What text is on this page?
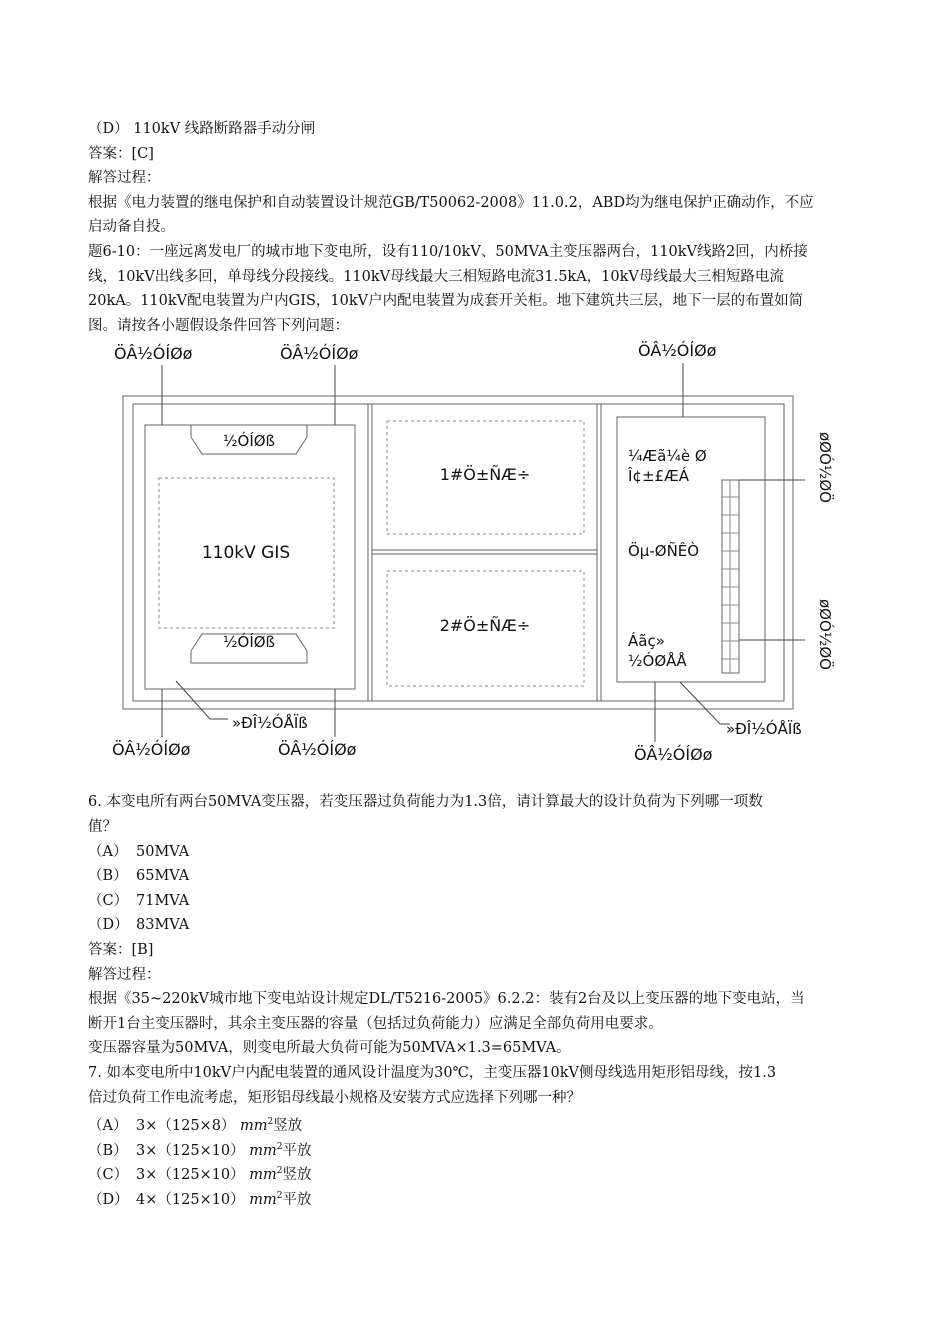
（D） 110kV 线路断路器手动分闸
答案：[C]
解答过程：
根据《电力装置的继电保护和自动装置设计规范GB/T50062-2008》11.0.2，ABD均为继电保护正确动作，不应
启动备自投。
题6-10：一座远离发电厂的城市地下变电所，设有110/10kV、50MVA主变压器两台，110kV线路2回，内桥接
线，10kV出线多回，单母线分段接线。110kV母线最大三相短路电流31.5kA，10kV母线最大三相短路电流
20kA。110kV配电装置为户内GIS，10kV户内配电装置为成套开关柜。地下建筑共三层，地下一层的布置如简
图。请按各小题假设条件回答下列问题：
½ÓÍØß
½ÓÍØß
110kV GIS
1#Ö±ÑÆ÷
2#Ö±ÑÆ÷
¼Æã¼è Ø
Î¢±£ÆÁ
Öµ-ØÑÊÒ
Áãç»
½ÓØÅÅ
ÖÂ½ÓÍØø	ÖÂ½ÓÍØø	ÖÂ½ÓÍØø
øØÓ½ØÖ
øØÓ½ØÖ
»ÐÎ½ÓÅÏß	»ÐÎ½ÓÅÏß
ÖÂ½ÓÍØø	ÖÂ½ÓÍØø	ÖÂ½ÓÍØø
6. 本变电所有两台50MVA变压器，若变压器过负荷能力为1.3倍，请计算最大的设计负荷为下列哪一项数
值？
（A） 50MVA
（B） 65MVA
（C） 71MVA
（D） 83MVA
答案：[B]
解答过程：
根据《35~220kV城市地下变电站设计规定DL/T5216-2005》6.2.2：装有2台及以上变压器的地下变电站，当
断开1台主变压器时，其余主变压器的容量（包括过负荷能力）应满足全部负荷用电要求。
变压器容量为50MVA，则变电所最大负荷可能为50MVA×1.3=65MVA。
7. 如本变电所中10kV户内配电装置的通风设计温度为30℃，主变压器10kV侧母线选用矩形铝母线，按1.3
倍过负荷工作电流考虑，矩形铝母线最小规格及安装方式应选择下列哪一种？
（A） 3×（125×8） $mm^2$竖放
（B） 3×（125×10） $mm^2$平放
（C） 3×（125×10） $mm^2$竖放
（D） 4×（125×10） $mm^2$平放
